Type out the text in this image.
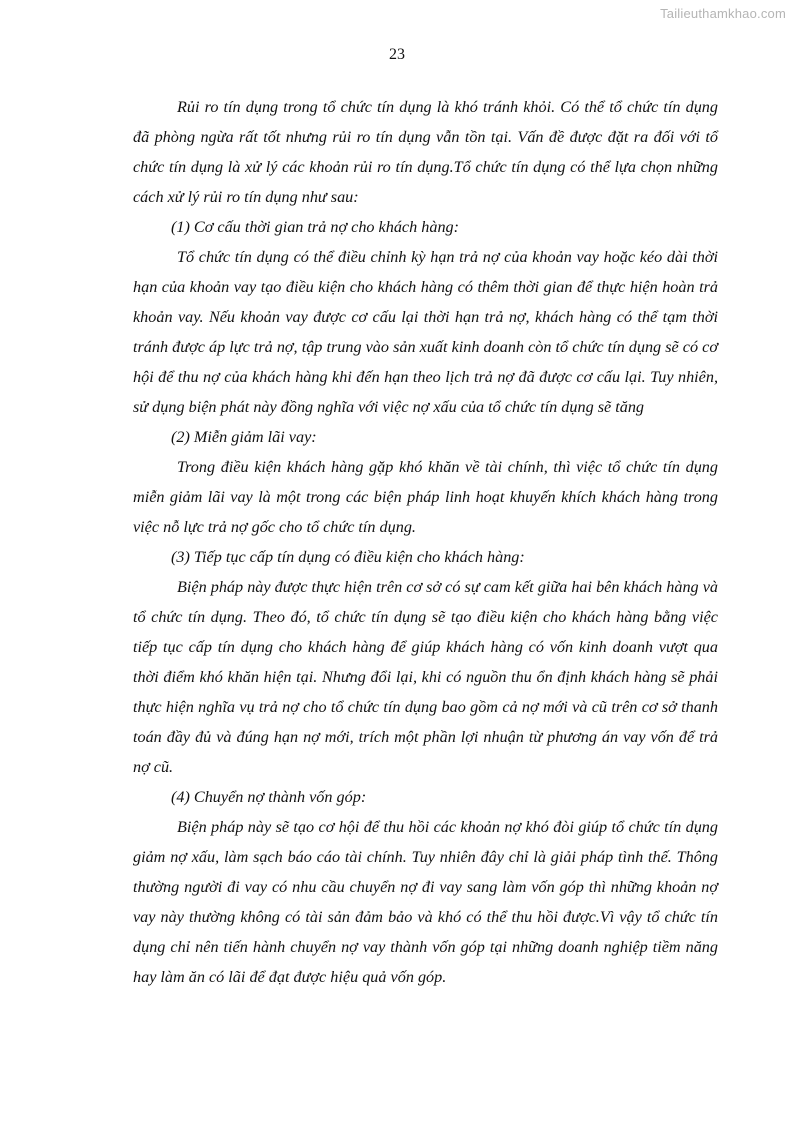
Tailieuthamkhao.com
23

Rủi ro tín dụng trong tổ chức tín dụng là khó tránh khỏi. Có thể tổ chức tín dụng đã phòng ngừa rất tốt nhưng rủi ro tín dụng vẫn tồn tại. Vấn đề được đặt ra đối với tổ chức tín dụng là xử lý các khoản rủi ro tín dụng.Tổ chức tín dụng có thể lựa chọn những cách xử lý rủi ro tín dụng như sau:

(1) Cơ cấu thời gian trả nợ cho khách hàng:

Tổ chức tín dụng có thể điều chỉnh kỳ hạn trả nợ của khoản vay hoặc kéo dài thời hạn của khoản vay tạo điều kiện cho khách hàng có thêm thời gian để thực hiện hoàn trả khoản vay. Nếu khoản vay được cơ cấu lại thời hạn trả nợ, khách hàng có thể tạm thời tránh được áp lực trả nợ, tập trung vào sản xuất kinh doanh còn tổ chức tín dụng sẽ có cơ hội để thu nợ của khách hàng khi đến hạn theo lịch trả nợ đã được cơ cấu lại. Tuy nhiên, sử dụng biện phát này đồng nghĩa với việc nợ xấu của tổ chức tín dụng sẽ tăng

(2) Miễn giảm lãi vay:

Trong điều kiện khách hàng gặp khó khăn về tài chính, thì việc tổ chức tín dụng miễn giảm lãi vay là một trong các biện pháp linh hoạt khuyến khích khách hàng trong việc nỗ lực trả nợ gốc cho tổ chức tín dụng.

(3) Tiếp tục cấp tín dụng có điều kiện cho khách hàng:

Biện pháp này được thực hiện trên cơ sở có sự cam kết giữa hai bên khách hàng và tổ chức tín dụng. Theo đó, tổ chức tín dụng sẽ tạo điều kiện cho khách hàng bằng việc tiếp tục cấp tín dụng cho khách hàng để giúp khách hàng có vốn kinh doanh vượt qua thời điểm khó khăn hiện tại. Nhưng đổi lại, khi có nguồn thu ổn định khách hàng sẽ phải thực hiện nghĩa vụ trả nợ cho tổ chức tín dụng bao gồm cả nợ mới và cũ trên cơ sở thanh toán đầy đủ và đúng hạn nợ mới, trích một phần lợi nhuận từ phương án vay vốn để trả nợ cũ.

(4) Chuyển nợ thành vốn góp:

Biện pháp này sẽ tạo cơ hội để thu hồi các khoản nợ khó đòi giúp tổ chức tín dụng giảm nợ xấu, làm sạch báo cáo tài chính. Tuy nhiên đây chỉ là giải pháp tình thế. Thông thường người đi vay có nhu cầu chuyển nợ đi vay sang làm vốn góp thì những khoản nợ vay này thường không có tài sản đảm bảo và khó có thể thu hồi được.Vì vậy tổ chức tín dụng chỉ nên tiến hành chuyển nợ vay thành vốn góp tại những doanh nghiệp tiềm năng hay làm ăn có lãi để đạt được hiệu quả vốn góp.
